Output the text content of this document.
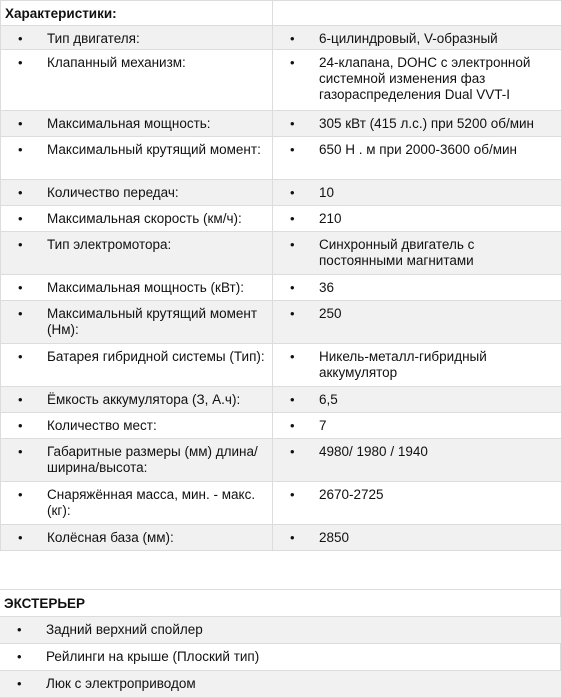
Характеристики:	

• Тип двигателя:	• 6-цилиндровый, V-образный

• Клапанный механизм:	• 24-клапана, DOHC с электронной системной изменения фаз газораспределения Dual VVT-I

• Максимальная мощность:	• 305 кВт (415 л.с.) при 5200 об/мин

• Максимальный крутящий момент:	• 650 Н . м при 2000-3600 об/мин

• Количество передач:	• 10

• Максимальная скорость (км/ч):	• 210

• Тип электромотора:	• Синхронный двигатель с постоянными магнитами

• Максимальная мощность (кВт):	• 36

• Максимальный крутящий момент (Нм):	• 250

• Батарея гибридной системы (Тип):	• Никель-металл-гибридный аккумулятор

• Ёмкость аккумулятора (З, А.ч):	• 6,5

• Количество мест:	• 7

• Габаритные размеры (мм) длина/ширина/высота:	• 4980/ 1980 / 1940

• Снаряжённая масса, мин. - макс. (кг):	• 2670-2725

• Колёсная база (мм):	• 2850
ЭКСТЕРЬЕР
• Задний верхний спойлер
• Рейлинги на крыше (Плоский тип)
• Люк с электроприводом
